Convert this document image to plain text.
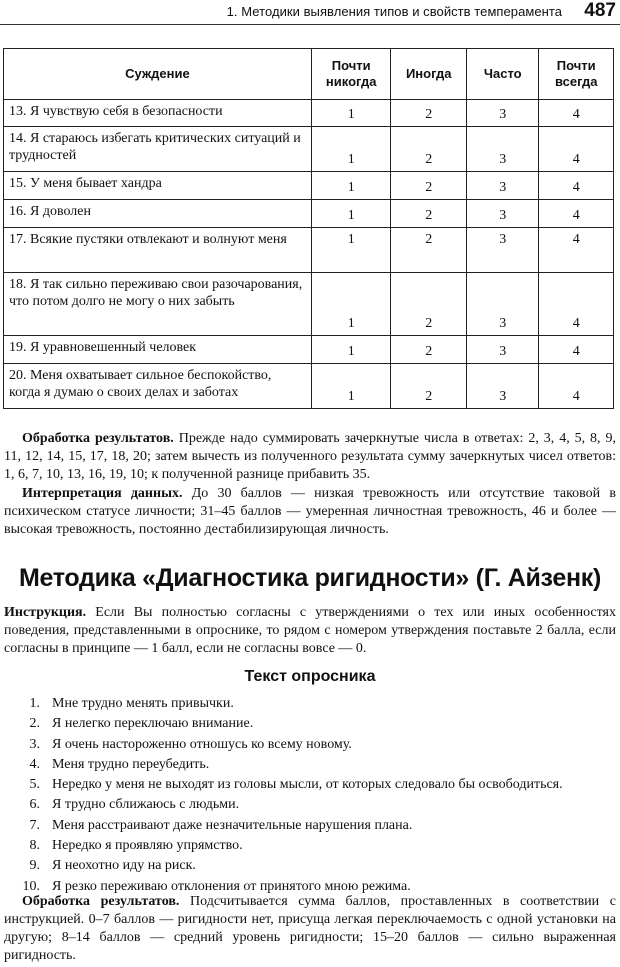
1. Методики выявления типов и свойств темперамента 487
Суждение	Почти никогда	Иногда	Часто	Почти всегда
13. Я чувствую себя в безопасности	1	2	3	4
14. Я стараюсь избегать критических ситуаций и трудностей	1	2	3	4
15. У меня бывает хандра	1	2	3	4
16. Я доволен	1	2	3	4
17. Всякие пустяки отвлекают и волнуют меня	1	2	3	4
18. Я так сильно переживаю свои разочарования, что потом долго не могу о них забыть	1	2	3	4
19. Я уравновешенный человек	1	2	3	4
20. Меня охватывает сильное беспокойство, когда я думаю о своих делах и заботах	1	2	3	4

Обработка результатов. Прежде надо суммировать зачеркнутые числа в ответах: 2, 3, 4, 5, 8, 9, 11, 12, 14, 15, 17, 18, 20; затем вычесть из полученного результата сумму зачеркнутых чисел ответов: 1, 6, 7, 10, 13, 16, 19, 10; к полученной разнице прибавить 35.

Интерпретация данных. До 30 баллов — низкая тревожность или отсутствие таковой в психическом статусе личности; 31–45 баллов — умеренная личностная тревожность, 46 и более — высокая тревожность, постоянно дестабилизирующая личность.

Методика «Диагностика ригидности» (Г. Айзенк)

Инструкция. Если Вы полностью согласны с утверждениями о тех или иных особенностях поведения, представленными в опроснике, то рядом с номером утверждения поставьте 2 балла, если согласны в принципе — 1 балл, если не согласны вовсе — 0.

Текст опросника
1. Мне трудно менять привычки.
2. Я нелегко переключаю внимание.
3. Я очень настороженно отношусь ко всему новому.
4. Меня трудно переубедить.
5. Нередко у меня не выходят из головы мысли, от которых следовало бы освободиться.
6. Я трудно сближаюсь с людьми.
7. Меня расстраивают даже незначительные нарушения плана.
8. Нередко я проявляю упрямство.
9. Я неохотно иду на риск.
10. Я резко переживаю отклонения от принятого мною режима.

Обработка результатов. Подсчитывается сумма баллов, проставленных в соответствии с инструкцией. 0–7 баллов — ригидности нет, присуща легкая переключаемость с одной установки на другую; 8–14 баллов — средний уровень ригидности; 15–20 баллов — сильно выраженная ригидность.
